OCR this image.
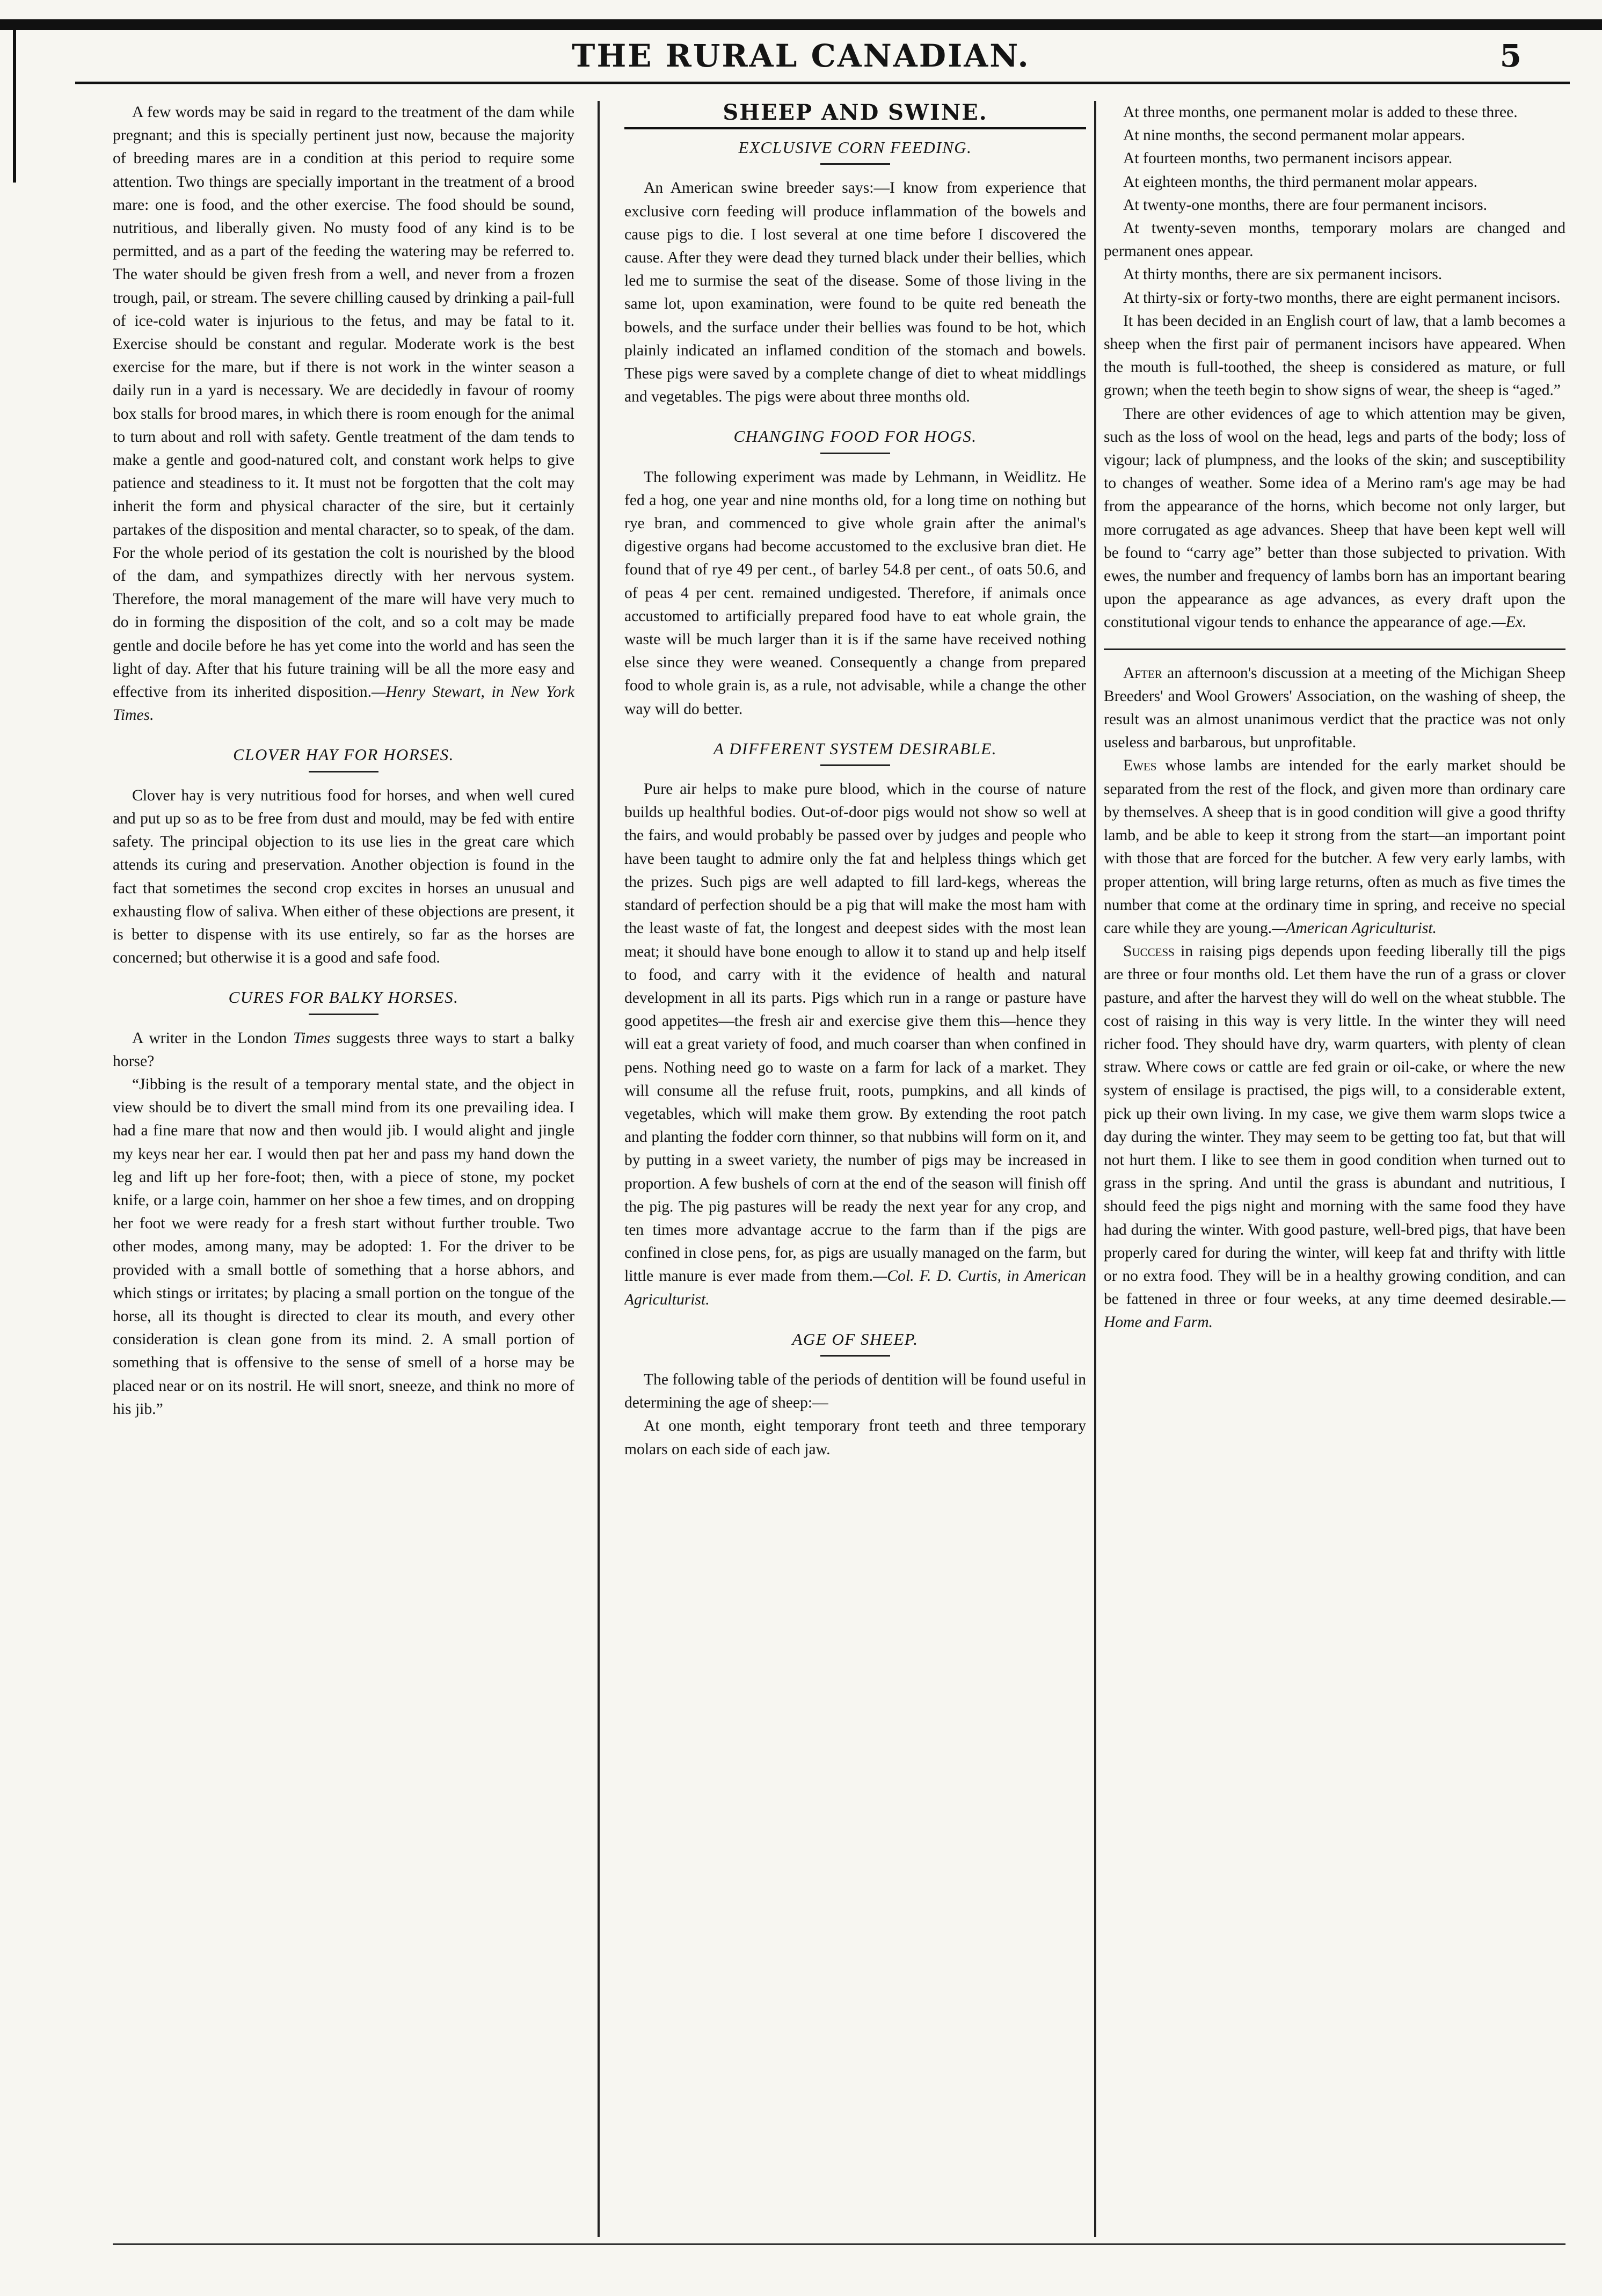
THE RURAL CANADIAN.	5

A few words may be said in regard to the treatment of the dam while pregnant; and this is specially pertinent just now, because the majority of breeding mares are in a condition at this period to require some attention. Two things are specially important in the treatment of a brood mare: one is food, and the other exercise. The food should be sound, nutritious, and liberally given. No musty food of any kind is to be permitted, and as a part of the feeding the watering may be referred to. The water should be given fresh from a well, and never from a frozen trough, pail, or stream. The severe chilling caused by drinking a pail-full of ice-cold water is injurious to the fetus, and may be fatal to it. Exercise should be constant and regular. Moderate work is the best exercise for the mare, but if there is not work in the winter season a daily run in a yard is necessary. We are decidedly in favour of roomy box stalls for brood mares, in which there is room enough for the animal to turn about and roll with safety. Gentle treatment of the dam tends to make a gentle and good-natured colt, and constant work helps to give patience and steadiness to it. It must not be forgotten that the colt may inherit the form and physical character of the sire, but it certainly partakes of the disposition and mental character, so to speak, of the dam. For the whole period of its gestation the colt is nourished by the blood of the dam, and sympathizes directly with her nervous system. Therefore, the moral management of the mare will have very much to do in forming the disposition of the colt, and so a colt may be made gentle and docile before he has yet come into the world and has seen the light of day. After that his future training will be all the more easy and effective from its inherited disposition.—Henry Stewart, in New York Times.

CLOVER HAY FOR HORSES.

Clover hay is very nutritious food for horses, and when well cured and put up so as to be free from dust and mould, may be fed with entire safety. The principal objection to its use lies in the great care which attends its curing and preservation. Another objection is found in the fact that sometimes the second crop excites in horses an unusual and exhausting flow of saliva. When either of these objections are present, it is better to dispense with its use entirely, so far as the horses are concerned; but otherwise it is a good and safe food.

CURES FOR BALKY HORSES.

A writer in the London Times suggests three ways to start a balky horse?

“Jibbing is the result of a temporary mental state, and the object in view should be to divert the small mind from its one prevailing idea. I had a fine mare that now and then would jib. I would alight and jingle my keys near her ear. I would then pat her and pass my hand down the leg and lift up her fore-foot; then, with a piece of stone, my pocket knife, or a large coin, hammer on her shoe a few times, and on dropping her foot we were ready for a fresh start without further trouble. Two other modes, among many, may be adopted: 1. For the driver to be provided with a small bottle of something that a horse abhors, and which stings or irritates; by placing a small portion on the tongue of the horse, all its thought is directed to clear its mouth, and every other consideration is clean gone from its mind. 2. A small portion of something that is offensive to the sense of smell of a horse may be placed near or on its nostril. He will snort, sneeze, and think no more of his jib.”

SHEEP AND SWINE.
EXCLUSIVE CORN FEEDING.

An American swine breeder says:—I know from experience that exclusive corn feeding will produce inflammation of the bowels and cause pigs to die. I lost several at one time before I discovered the cause. After they were dead they turned black under their bellies, which led me to surmise the seat of the disease. Some of those living in the same lot, upon examination, were found to be quite red beneath the bowels, and the surface under their bellies was found to be hot, which plainly indicated an inflamed condition of the stomach and bowels. These pigs were saved by a complete change of diet to wheat middlings and vegetables. The pigs were about three months old.

CHANGING FOOD FOR HOGS.

The following experiment was made by Lehmann, in Weidlitz. He fed a hog, one year and nine months old, for a long time on nothing but rye bran, and commenced to give whole grain after the animal's digestive organs had become accustomed to the exclusive bran diet. He found that of rye 49 per cent., of barley 54.8 per cent., of oats 50.6, and of peas 4 per cent. remained undigested. Therefore, if animals once accustomed to artificially prepared food have to eat whole grain, the waste will be much larger than it is if the same have received nothing else since they were weaned. Consequently a change from prepared food to whole grain is, as a rule, not advisable, while a change the other way will do better.

A DIFFERENT SYSTEM DESIRABLE.

Pure air helps to make pure blood, which in the course of nature builds up healthful bodies. Out-of-door pigs would not show so well at the fairs, and would probably be passed over by judges and people who have been taught to admire only the fat and helpless things which get the prizes. Such pigs are well adapted to fill lard-kegs, whereas the standard of perfection should be a pig that will make the most ham with the least waste of fat, the longest and deepest sides with the most lean meat; it should have bone enough to allow it to stand up and help itself to food, and carry with it the evidence of health and natural development in all its parts. Pigs which run in a range or pasture have good appetites—the fresh air and exercise give them this—hence they will eat a great variety of food, and much coarser than when confined in pens. Nothing need go to waste on a farm for lack of a market. They will consume all the refuse fruit, roots, pumpkins, and all kinds of vegetables, which will make them grow. By extending the root patch and planting the fodder corn thinner, so that nubbins will form on it, and by putting in a sweet variety, the number of pigs may be increased in proportion. A few bushels of corn at the end of the season will finish off the pig. The pig pastures will be ready the next year for any crop, and ten times more advantage accrue to the farm than if the pigs are confined in close pens, for, as pigs are usually managed on the farm, but little manure is ever made from them.—Col. F. D. Curtis, in American Agriculturist.

AGE OF SHEEP.

The following table of the periods of dentition will be found useful in determining the age of sheep:—

At one month, eight temporary front teeth and three temporary molars on each side of each jaw.

At three months, one permanent molar is added to these three.

At nine months, the second permanent molar appears.

At fourteen months, two permanent incisors appear.

At eighteen months, the third permanent molar appears.

At twenty-one months, there are four permanent incisors.

At twenty-seven months, temporary molars are changed and permanent ones appear.

At thirty months, there are six permanent incisors.

At thirty-six or forty-two months, there are eight permanent incisors.

It has been decided in an English court of law, that a lamb becomes a sheep when the first pair of permanent incisors have appeared. When the mouth is full-toothed, the sheep is considered as mature, or full grown; when the teeth begin to show signs of wear, the sheep is “aged.”

There are other evidences of age to which attention may be given, such as the loss of wool on the head, legs and parts of the body; loss of vigour; lack of plumpness, and the looks of the skin; and susceptibility to changes of weather. Some idea of a Merino ram's age may be had from the appearance of the horns, which become not only larger, but more corrugated as age advances. Sheep that have been kept well will be found to “carry age” better than those subjected to privation. With ewes, the number and frequency of lambs born has an important bearing upon the appearance as age advances, as every draft upon the constitutional vigour tends to enhance the appearance of age.—Ex.

After an afternoon's discussion at a meeting of the Michigan Sheep Breeders' and Wool Growers' Association, on the washing of sheep, the result was an almost unanimous verdict that the practice was not only useless and barbarous, but unprofitable.

Ewes whose lambs are intended for the early market should be separated from the rest of the flock, and given more than ordinary care by themselves. A sheep that is in good condition will give a good thrifty lamb, and be able to keep it strong from the start—an important point with those that are forced for the butcher. A few very early lambs, with proper attention, will bring large returns, often as much as five times the number that come at the ordinary time in spring, and receive no special care while they are young.—American Agriculturist.

Success in raising pigs depends upon feeding liberally till the pigs are three or four months old. Let them have the run of a grass or clover pasture, and after the harvest they will do well on the wheat stubble. The cost of raising in this way is very little. In the winter they will need richer food. They should have dry, warm quarters, with plenty of clean straw. Where cows or cattle are fed grain or oil-cake, or where the new system of ensilage is practised, the pigs will, to a considerable extent, pick up their own living. In my case, we give them warm slops twice a day during the winter. They may seem to be getting too fat, but that will not hurt them. I like to see them in good condition when turned out to grass in the spring. And until the grass is abundant and nutritious, I should feed the pigs night and morning with the same food they have had during the winter. With good pasture, well-bred pigs, that have been properly cared for during the winter, will keep fat and thrifty with little or no extra food. They will be in a healthy growing condition, and can be fattened in three or four weeks, at any time deemed desirable.—Home and Farm.
